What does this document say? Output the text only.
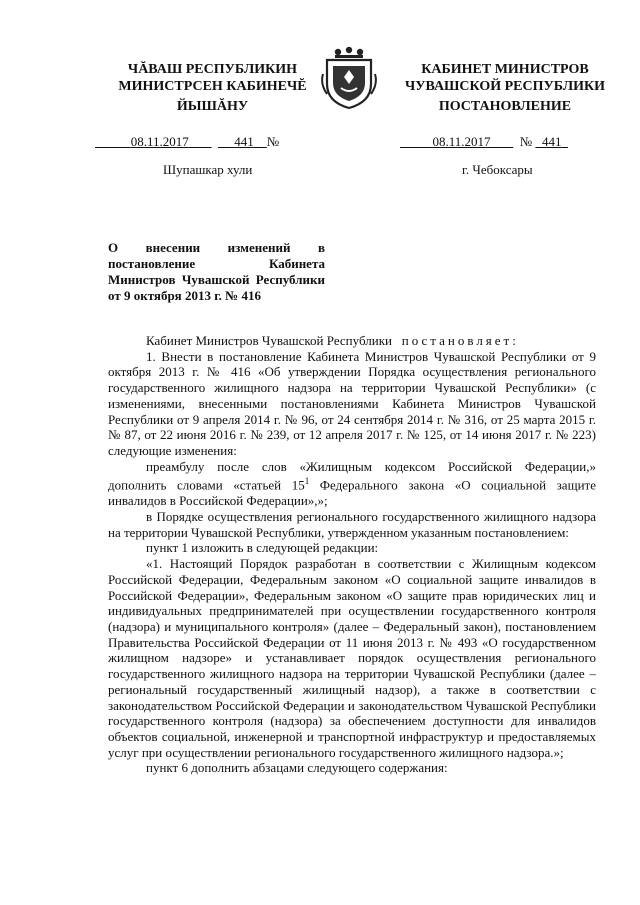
ЧĂВАШ РЕСПУБЛИКИН
МИНИСТРСЕН КАБИНЕЧĔ
ЙЫШĂНУ
КАБИНЕТ МИНИСТРОВ
ЧУВАШСКОЙ РЕСПУБЛИКИ
ПОСТАНОВЛЕНИЕ
08.11.2017	441 №	08.11.2017 № 441
Шупашкар хули	г. Чебоксары
О внесении изменений в постановление Кабинета Министров Чувашской Республики от 9 октября 2013 г. № 416

Кабинет Министров Чувашской Республики постановляет:

1. Внести в постановление Кабинета Министров Чувашской Республики от 9 октября 2013 г. № 416 «Об утверждении Порядка осуществления регионального государственного жилищного надзора на территории Чувашской Республики» (с изменениями, внесенными постановлениями Кабинета Министров Чувашской Республики от 9 апреля 2014 г. № 96, от 24 сентября 2014 г. № 316, от 25 марта 2015 г. № 87, от 22 июня 2016 г. № 239, от 12 апреля 2017 г. № 125, от 14 июня 2017 г. № 223) следующие изменения:

преамбулу после слов «Жилищным кодексом Российской Федерации,» дополнить словами «статьей $15^1$ Федерального закона «О социальной защите инвалидов в Российской Федерации»,»;

в Порядке осуществления регионального государственного жилищного надзора на территории Чувашской Республики, утвержденном указанным постановлением:

пункт 1 изложить в следующей редакции:

«1. Настоящий Порядок разработан в соответствии с Жилищным кодексом Российской Федерации, Федеральным законом «О социальной защите инвалидов в Российской Федерации», Федеральным законом «О защите прав юридических лиц и индивидуальных предпринимателей при осуществлении государственного контроля (надзора) и муниципального контроля» (далее – Федеральный закон), постановлением Правительства Российской Федерации от 11 июня 2013 г. № 493 «О государственном жилищном надзоре» и устанавливает порядок осуществления регионального государственного жилищного надзора на территории Чувашской Республики (далее – региональный государственный жилищный надзор), а также в соответствии с законодательством Российской Федерации и законодательством Чувашской Республики государственного контроля (надзора) за обеспечением доступности для инвалидов объектов социальной, инженерной и транспортной инфраструктур и предоставляемых услуг при осуществлении регионального государственного жилищного надзора.»;

пункт 6 дополнить абзацами следующего содержания:
